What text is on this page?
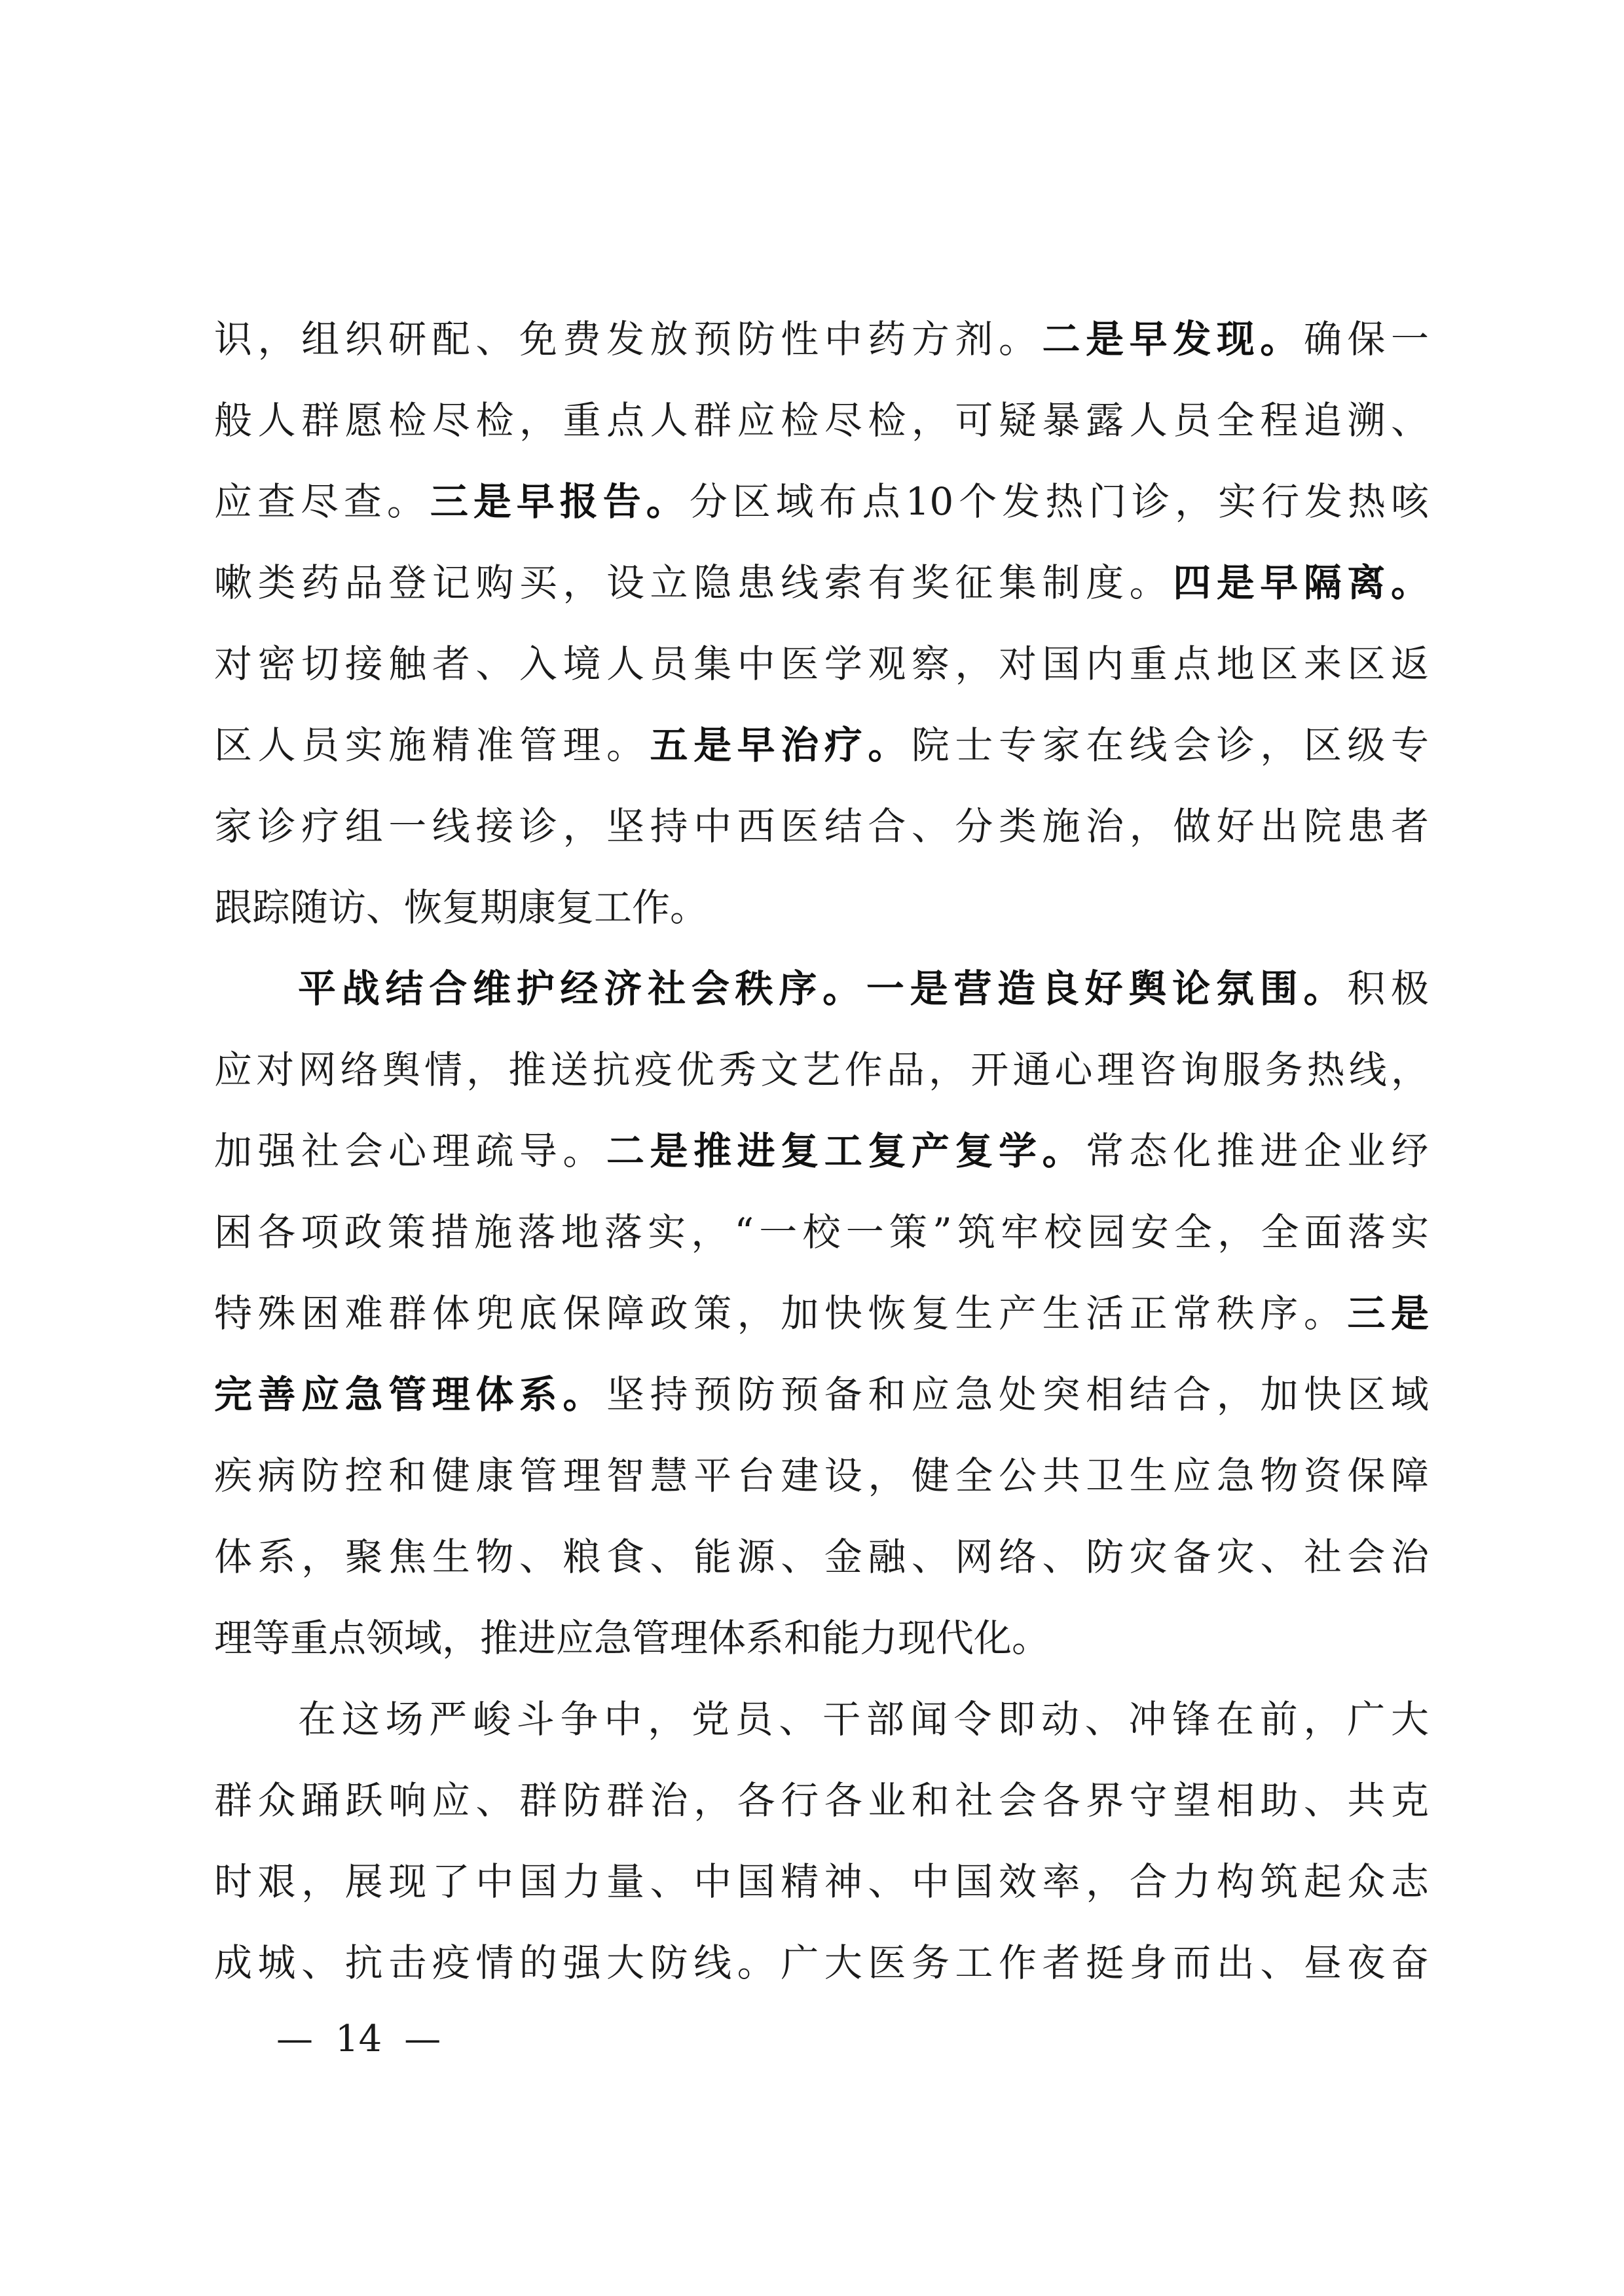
识，组织研配、免费发放预防性中药方剂。二是早发现。确保一
般人群愿检尽检，重点人群应检尽检，可疑暴露人员全程追溯、
应查尽查。三是早报告。分区域布点10个发热门诊，实行发热咳
嗽类药品登记购买，设立隐患线索有奖征集制度。四是早隔离。
对密切接触者、入境人员集中医学观察，对国内重点地区来区返
区人员实施精准管理。五是早治疗。院士专家在线会诊，区级专
家诊疗组一线接诊，坚持中西医结合、分类施治，做好出院患者
跟踪随访、恢复期康复工作。
平战结合维护经济社会秩序。一是营造良好舆论氛围。积极
应对网络舆情，推送抗疫优秀文艺作品，开通心理咨询服务热线，
加强社会心理疏导。二是推进复工复产复学。常态化推进企业纾
困各项政策措施落地落实，“一校一策”筑牢校园安全，全面落实
特殊困难群体兜底保障政策，加快恢复生产生活正常秩序。三是
完善应急管理体系。坚持预防预备和应急处突相结合，加快区域
疾病防控和健康管理智慧平台建设，健全公共卫生应急物资保障
体系，聚焦生物、粮食、能源、金融、网络、防灾备灾、社会治
理等重点领域，推进应急管理体系和能力现代化。
在这场严峻斗争中，党员、干部闻令即动、冲锋在前，广大
群众踊跃响应、群防群治，各行各业和社会各界守望相助、共克
时艰，展现了中国力量、中国精神、中国效率，合力构筑起众志
成城、抗击疫情的强大防线。广大医务工作者挺身而出、昼夜奋
— 14 —
